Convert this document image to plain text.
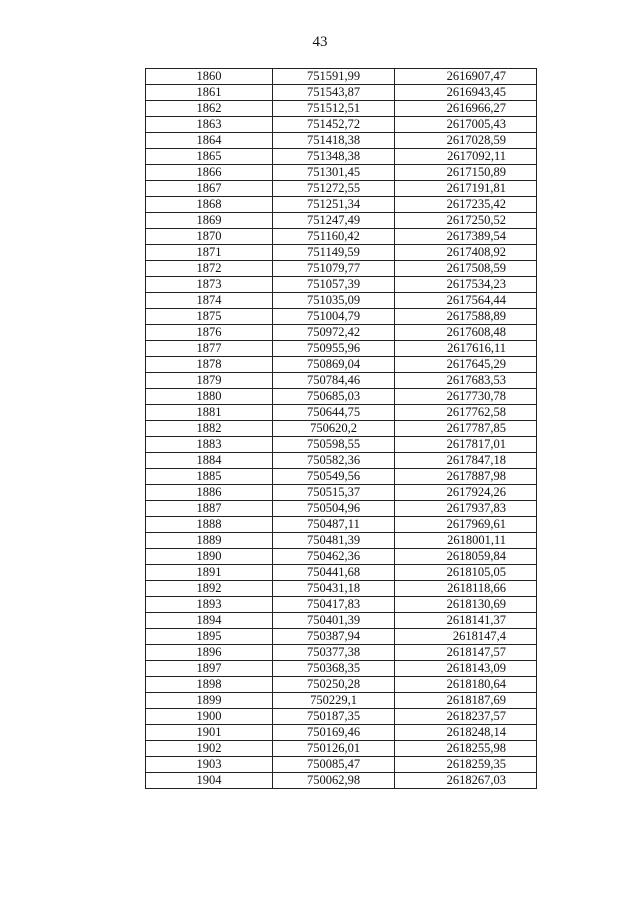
43
1860	751591,99	2616907,47
1861	751543,87	2616943,45
1862	751512,51	2616966,27
1863	751452,72	2617005,43
1864	751418,38	2617028,59
1865	751348,38	2617092,11
1866	751301,45	2617150,89
1867	751272,55	2617191,81
1868	751251,34	2617235,42
1869	751247,49	2617250,52
1870	751160,42	2617389,54
1871	751149,59	2617408,92
1872	751079,77	2617508,59
1873	751057,39	2617534,23
1874	751035,09	2617564,44
1875	751004,79	2617588,89
1876	750972,42	2617608,48
1877	750955,96	2617616,11
1878	750869,04	2617645,29
1879	750784,46	2617683,53
1880	750685,03	2617730,78
1881	750644,75	2617762,58
1882	750620,2	2617787,85
1883	750598,55	2617817,01
1884	750582,36	2617847,18
1885	750549,56	2617887,98
1886	750515,37	2617924,26
1887	750504,96	2617937,83
1888	750487,11	2617969,61
1889	750481,39	2618001,11
1890	750462,36	2618059,84
1891	750441,68	2618105,05
1892	750431,18	2618118,66
1893	750417,83	2618130,69
1894	750401,39	2618141,37
1895	750387,94	2618147,4
1896	750377,38	2618147,57
1897	750368,35	2618143,09
1898	750250,28	2618180,64
1899	750229,1	2618187,69
1900	750187,35	2618237,57
1901	750169,46	2618248,14
1902	750126,01	2618255,98
1903	750085,47	2618259,35
1904	750062,98	2618267,03
